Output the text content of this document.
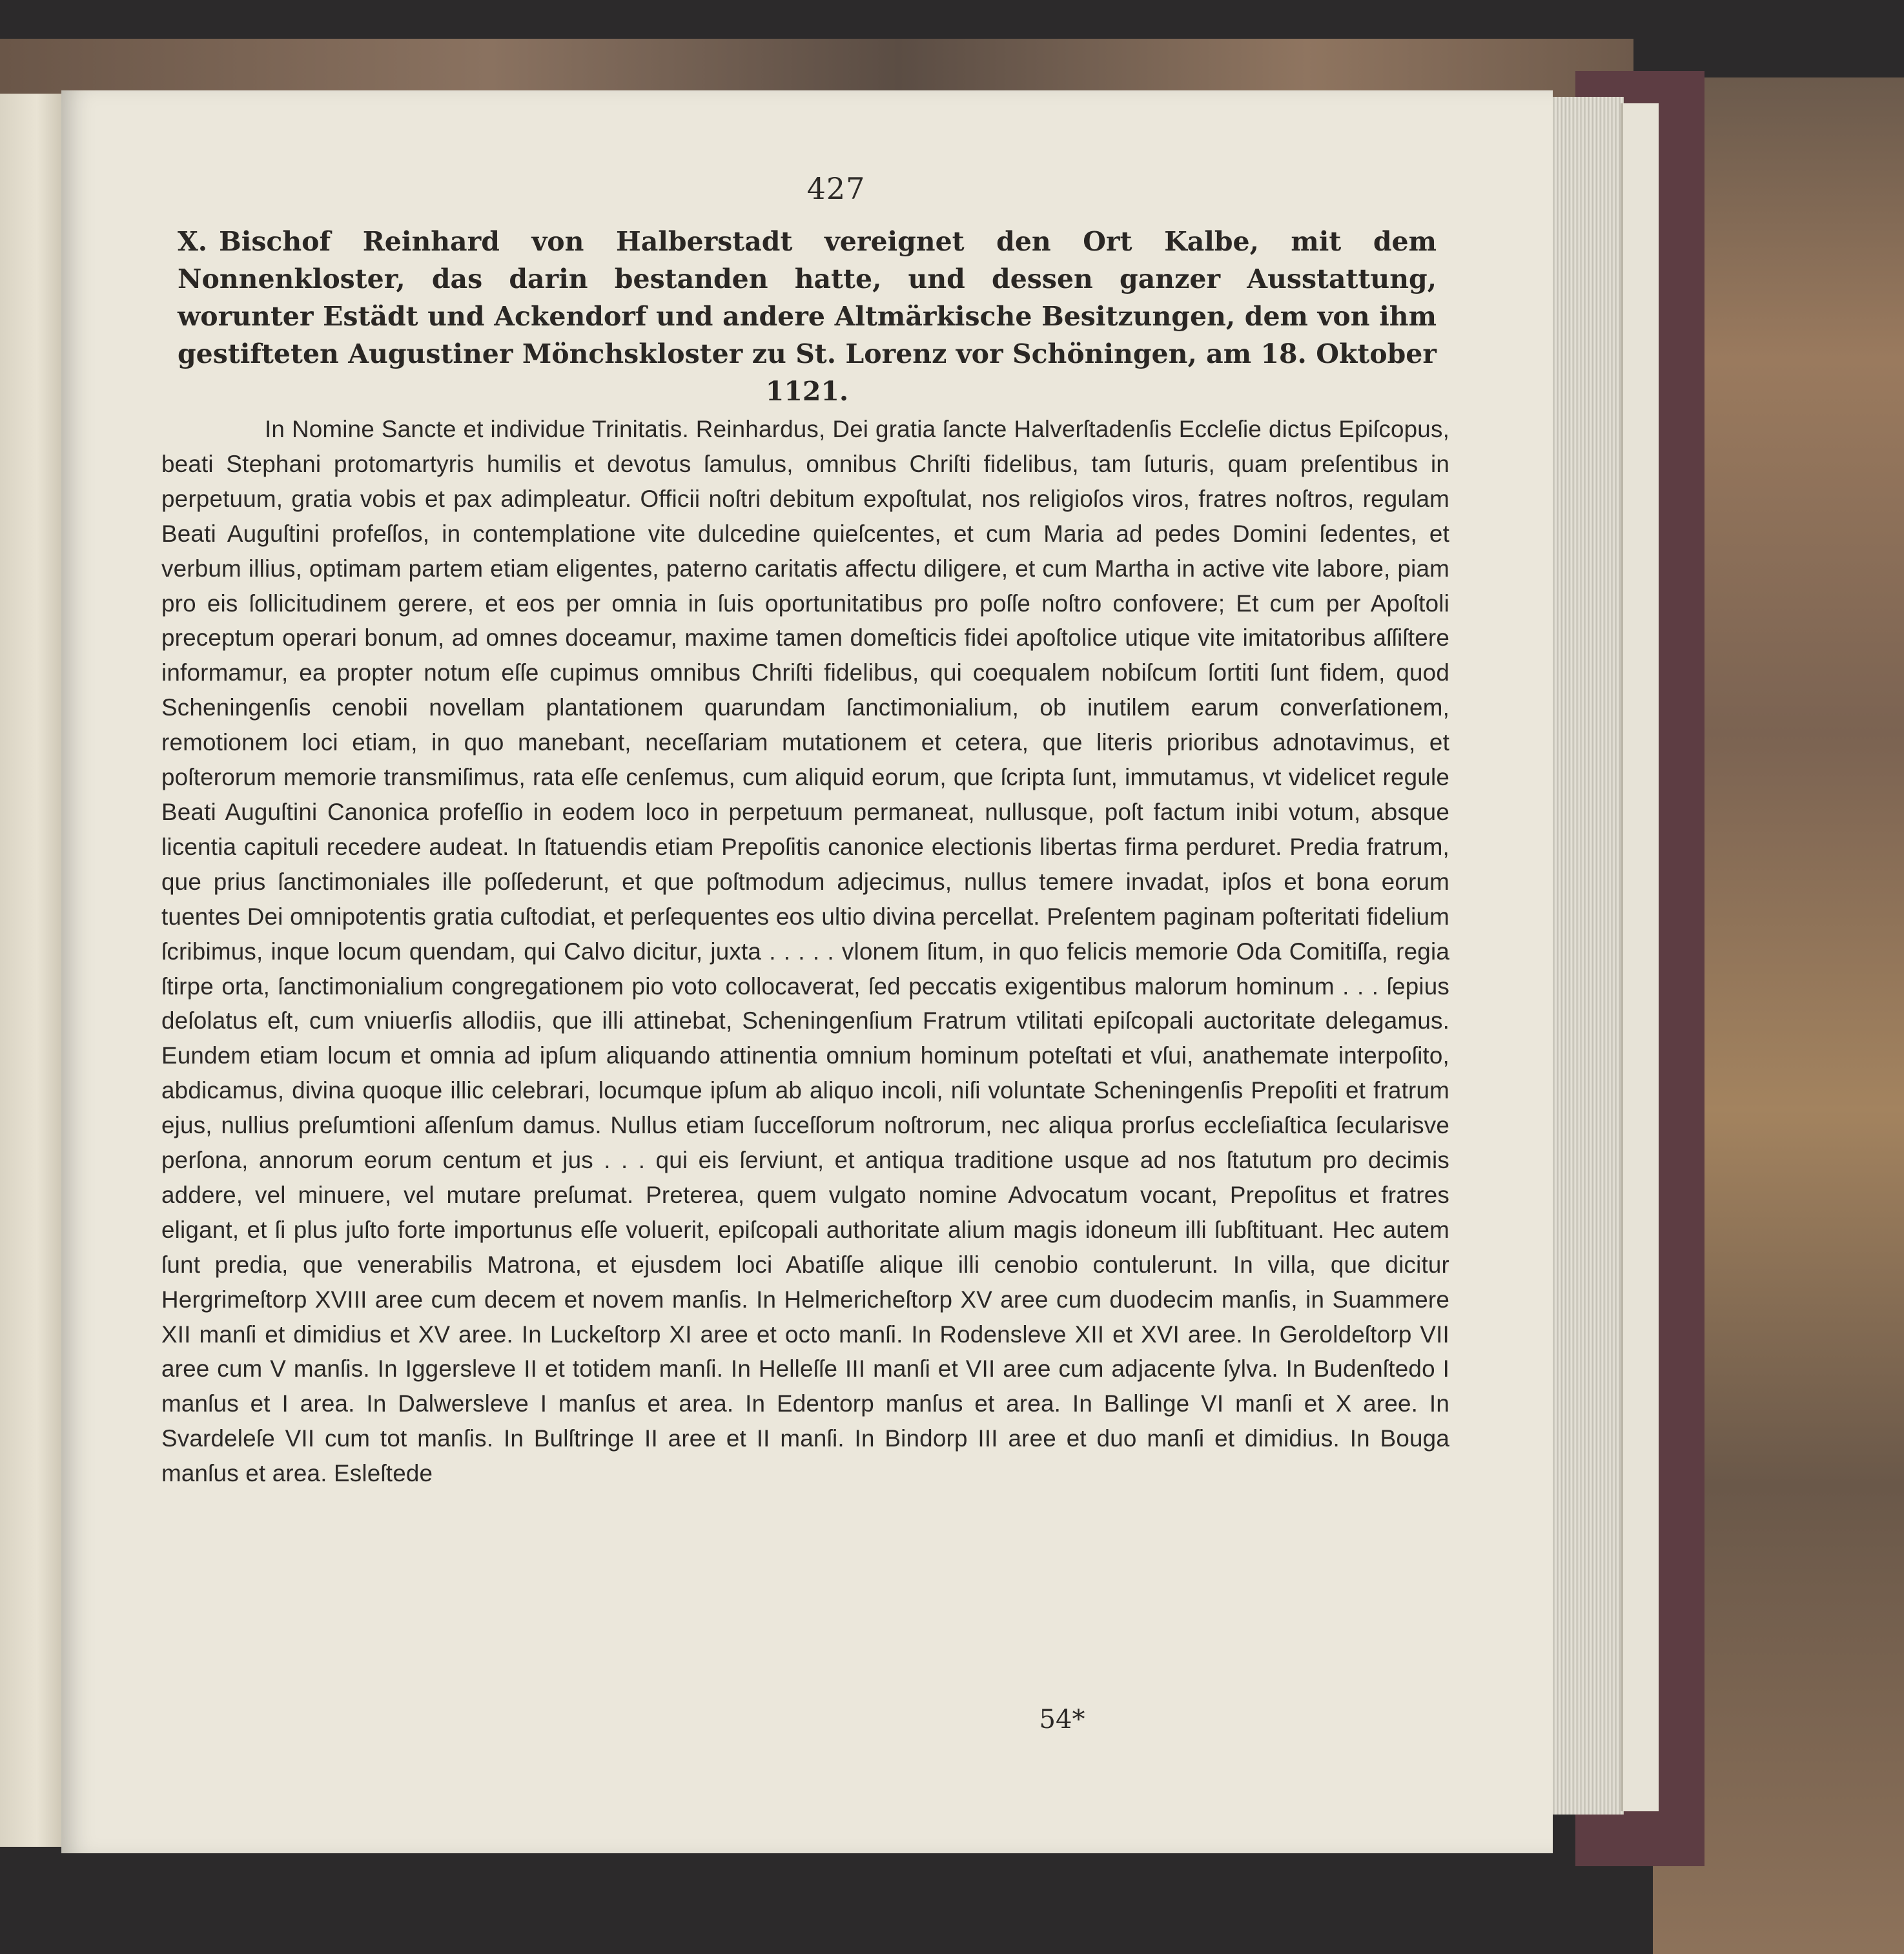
427
X. Bischof Reinhard von Halberstadt vereignet den Ort Kalbe, mit dem Nonnenkloster, das darin bestanden hatte, und dessen ganzer Ausstattung, worunter Estädt und Ackendorf und andere Altmärkische Besitzungen, dem von ihm gestifteten Augustiner Mönchskloster zu St. Lorenz vor Schöningen, am 18. Oktober 1121.
In Nomine Sancte et individue Trinitatis. Reinhardus, Dei gratia ſancte Halverſtadenſis Eccleſie dictus Epiſcopus, beati Stephani protomartyris humilis et devotus ſamulus, omnibus Chriſti fidelibus, tam ſuturis, quam preſentibus in perpetuum, gratia vobis et pax adimpleatur. Officii noſtri debitum expoſtulat, nos religioſos viros, fratres noſtros, regulam Beati Auguſtini profeſſos, in contemplatione vite dulcedine quieſcentes, et cum Maria ad pedes Domini ſedentes, et verbum illius, optimam partem etiam eligentes, paterno caritatis affectu diligere, et cum Martha in active vite labore, piam pro eis ſollicitudinem gerere, et eos per omnia in ſuis oportunitatibus pro poſſe noſtro confovere; Et cum per Apoſtoli preceptum operari bonum, ad omnes doceamur, maxime tamen domeſticis fidei apoſtolice utique vite imitatoribus aſſiſtere informamur, ea propter notum eſſe cupimus omnibus Chriſti fidelibus, qui coequalem nobiſcum ſortiti ſunt fidem, quod Scheningenſis cenobii novellam plantationem quarundam ſanctimonialium, ob inutilem earum converſationem, remotionem loci etiam, in quo manebant, neceſſariam mutationem et cetera, que literis prioribus adnotavimus, et poſterorum memorie transmiſimus, rata eſſe cenſemus, cum aliquid eorum, que ſcripta ſunt, immutamus, vt videlicet regule Beati Auguſtini Canonica profeſſio in eodem loco in perpetuum permaneat, nullusque, poſt factum inibi votum, absque licentia capituli recedere audeat. In ſtatuendis etiam Prepoſitis canonice electionis libertas firma perduret. Predia fratrum, que prius ſanctimoniales ille poſſederunt, et que poſtmodum adjecimus, nullus temere invadat, ipſos et bona eorum tuentes Dei omnipotentis gratia cuſtodiat, et perſequentes eos ultio divina percellat. Preſentem paginam poſteritati fidelium ſcribimus, inque locum quendam, qui Calvo dicitur, juxta . . . . . vlonem ſitum, in quo felicis memorie Oda Comitiſſa, regia ſtirpe orta, ſanctimonialium congregationem pio voto collocaverat, ſed peccatis exigentibus malorum hominum . . . ſepius deſolatus eſt, cum vniuerſis allodiis, que illi attinebat, Scheningenſium Fratrum vtilitati epiſcopali auctoritate delegamus. Eundem etiam locum et omnia ad ipſum aliquando attinentia omnium hominum poteſtati et vſui, anathemate interpoſito, abdicamus, divina quoque illic celebrari, locumque ipſum ab aliquo incoli, niſi voluntate Scheningenſis Prepoſiti et fratrum ejus, nullius preſumtioni aſſenſum damus. Nullus etiam ſucceſſorum noſtrorum, nec aliqua prorſus eccleſiaſtica ſecularisve perſona, annorum eorum centum et jus . . . qui eis ſerviunt, et antiqua traditione usque ad nos ſtatutum pro decimis addere, vel minuere, vel mutare preſumat. Preterea, quem vulgato nomine Advocatum vocant, Prepoſitus et fratres eligant, et ſi plus juſto forte importunus eſſe voluerit, epiſcopali authoritate alium magis idoneum illi ſubſtituant. Hec autem ſunt predia, que venerabilis Matrona, et ejusdem loci Abatiſſe alique illi cenobio contulerunt. In villa, que dicitur Hergrimeſtorp XVIII aree cum decem et novem manſis. In Helmericheſtorp XV aree cum duodecim manſis, in Suammere XII manſi et dimidius et XV aree. In Luckeſtorp XI aree et octo manſi. In Rodensleve XII et XVI aree. In Geroldeſtorp VII aree cum V manſis. In Iggersleve II et totidem manſi. In Helleſſe III manſi et VII aree cum adjacente ſylva. In Budenſtedo I manſus et I area. In Dalwersleve I manſus et area. In Edentorp manſus et area. In Ballinge VI manſi et X aree. In Svardeleſe VII cum tot manſis. In Bulſtringe II aree et II manſi. In Bindorp III aree et duo manſi et dimidius. In Bouga manſus et area. Esleſtede
54*
